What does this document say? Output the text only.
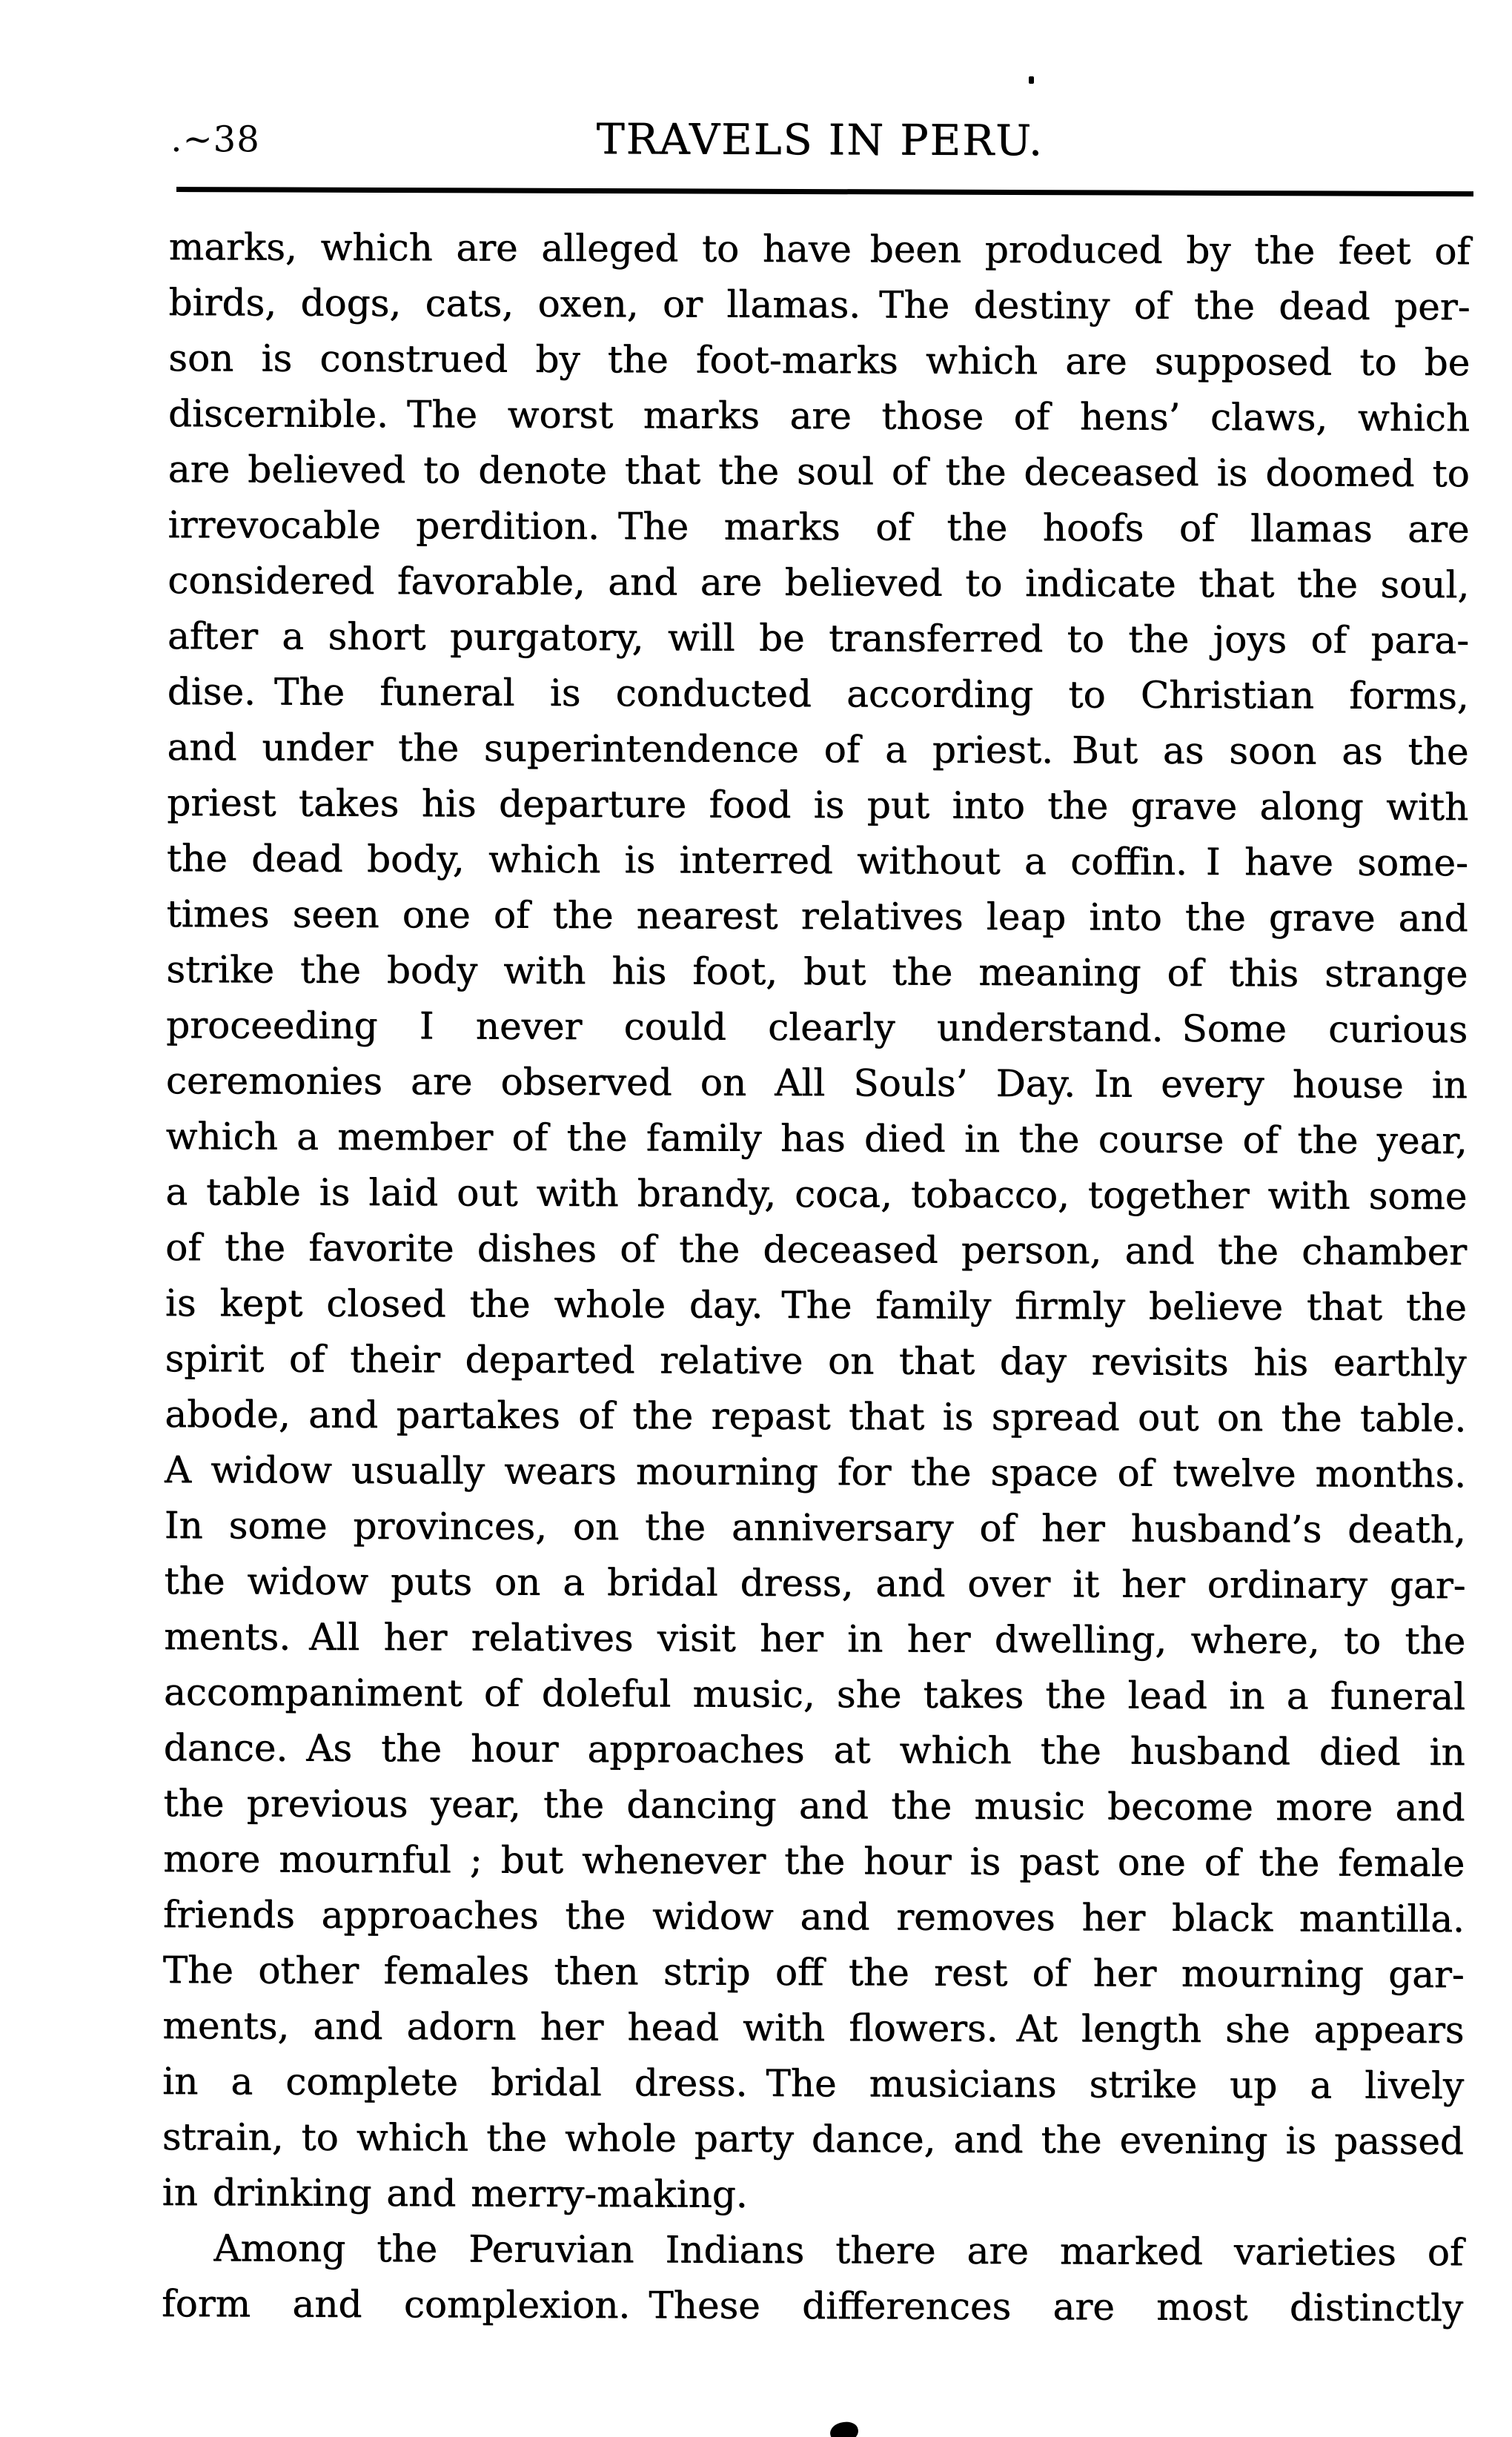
.~38	TRAVELS IN PERU.
marks, which are alleged to have been produced by the feet of
birds, dogs, cats, oxen, or llamas. The destiny of the dead per-
son is construed by the foot-marks which are supposed to be
discernible. The worst marks are those of hens’ claws, which
are believed to denote that the soul of the deceased is doomed to
irrevocable perdition. The marks of the hoofs of llamas are
considered favorable, and are believed to indicate that the soul,
after a short purgatory, will be transferred to the joys of para-
dise. The funeral is conducted according to Christian forms,
and under the superintendence of a priest. But as soon as the
priest takes his departure food is put into the grave along with
the dead body, which is interred without a coffin. I have some-
times seen one of the nearest relatives leap into the grave and
strike the body with his foot, but the meaning of this strange
proceeding I never could clearly understand. Some curious
ceremonies are observed on All Souls’ Day. In every house in
which a member of the family has died in the course of the year,
a table is laid out with brandy, coca, tobacco, together with some
of the favorite dishes of the deceased person, and the chamber
is kept closed the whole day. The family firmly believe that the
spirit of their departed relative on that day revisits his earthly
abode, and partakes of the repast that is spread out on the table.
A widow usually wears mourning for the space of twelve months.
In some provinces, on the anniversary of her husband’s death,
the widow puts on a bridal dress, and over it her ordinary gar-
ments. All her relatives visit her in her dwelling, where, to the
accompaniment of doleful music, she takes the lead in a funeral
dance. As the hour approaches at which the husband died in
the previous year, the dancing and the music become more and
more mournful ; but whenever the hour is past one of the female
friends approaches the widow and removes her black mantilla.
The other females then strip off the rest of her mourning gar-
ments, and adorn her head with flowers. At length she appears
in a complete bridal dress. The musicians strike up a lively
strain, to which the whole party dance, and the evening is passed
in drinking and merry-making.
Among the Peruvian Indians there are marked varieties of
form and complexion. These differences are most distinctly
